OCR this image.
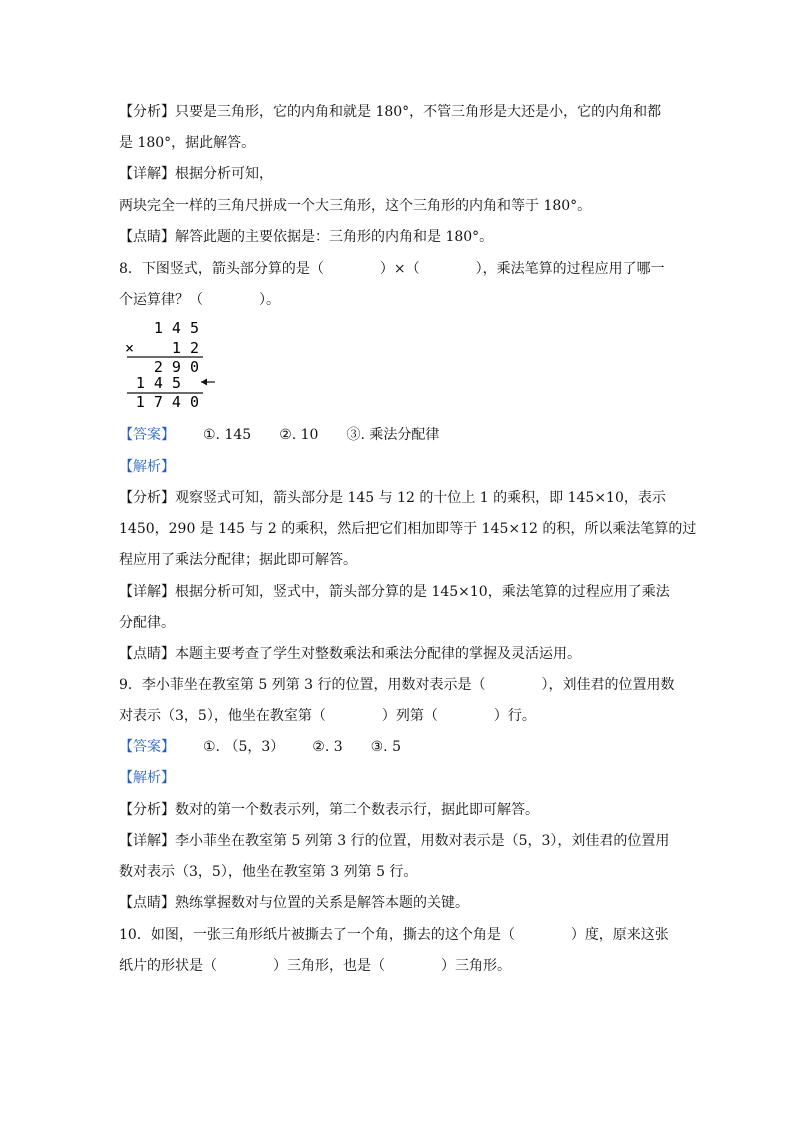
【分析】只要是三角形，它的内角和就是 180°，不管三角形是大还是小，它的内角和都
是 180°，据此解答。
【详解】根据分析可知，
两块完全一样的三角尺拼成一个大三角形，这个三角形的内角和等于 180°。
【点睛】解答此题的主要依据是：三角形的内角和是 180°。
8．下图竖式，箭头部分算的是（　　　　）×（　　　　），乘法笔算的过程应用了哪一
个运算律？（　　　　）。
1 4 5
×	1 2
2 9 0
1 4 5
1 7 4 0
【答案】 ①. 145 ②. 10 ③. 乘法分配律
【解析】
【分析】观察竖式可知，箭头部分是 145 与 12 的十位上 1 的乘积，即 145×10，表示
1450，290 是 145 与 2 的乘积，然后把它们相加即等于 145×12 的积，所以乘法笔算的过
程应用了乘法分配律；据此即可解答。
【详解】根据分析可知，竖式中，箭头部分算的是 145×10，乘法笔算的过程应用了乘法
分配律。
【点睛】本题主要考查了学生对整数乘法和乘法分配律的掌握及灵活运用。
9．李小菲坐在教室第 5 列第 3 行的位置，用数对表示是（　　　　），刘佳君的位置用数
对表示（3，5），他坐在教室第（　　　　）列第（　　　　）行。
【答案】 ①. （5，3） ②. 3 ③. 5
【解析】
【分析】数对的第一个数表示列，第二个数表示行，据此即可解答。
【详解】李小菲坐在教室第 5 列第 3 行的位置，用数对表示是（5，3），刘佳君的位置用
数对表示（3，5），他坐在教室第 3 列第 5 行。
【点睛】熟练掌握数对与位置的关系是解答本题的关键。
10．如图，一张三角形纸片被撕去了一个角，撕去的这个角是（　　　　）度，原来这张
纸片的形状是（　　　　）三角形，也是（　　　　）三角形。
